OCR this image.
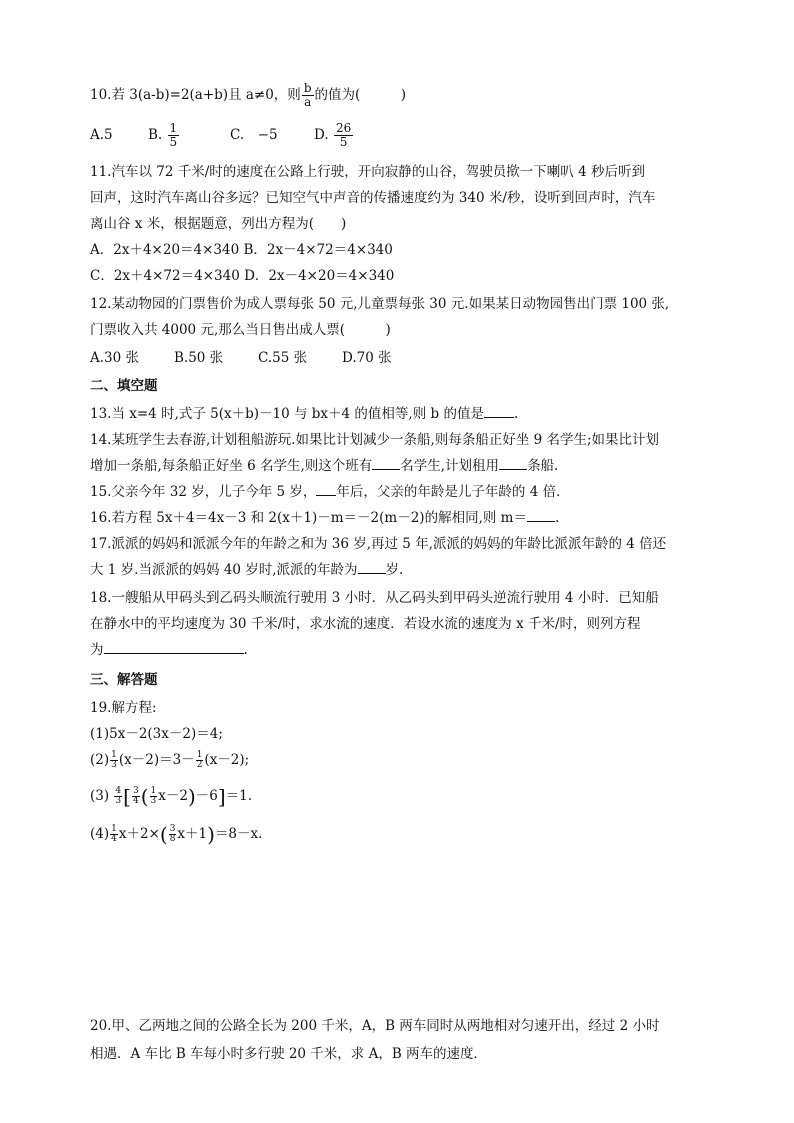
10.若 3(a-b)=2(a+b)且 a≠0，则 $\frac{b}{a}$ 的值为(　　　)
A.5	B. $\frac{1}{5}$	C.　−5	D. $\frac{26}{5}$
11.汽车以 72 千米/时的速度在公路上行驶，开向寂静的山谷，驾驶员揿一下喇叭 4 秒后听到
回声，这时汽车离山谷多远？已知空气中声音的传播速度约为 340 米/秒，设听到回声时，汽车
离山谷 x 米，根据题意，列出方程为(　　)
A．2x＋4×20＝4×340 B．2x－4×72＝4×340
C．2x＋4×72＝4×340 D．2x－4×20＝4×340
12.某动物园的门票售价为成人票每张 50 元,儿童票每张 30 元.如果某日动物园售出门票 100 张,
门票收入共 4000 元,那么当日售出成人票(　　　)
A.30 张	B.50 张	C.55 张	D.70 张
二、填空题
13.当 x=4 时,式子 5(x＋b)－10 与 bx＋4 的值相等,则 b 的值是 .
14.某班学生去春游,计划租船游玩.如果比计划减少一条船,则每条船正好坐 9 名学生;如果比计划
增加一条船,每条船正好坐 6 名学生,则这个班有 名学生,计划租用 条船.
15.父亲今年 32 岁，儿子今年 5 岁， 年后，父亲的年龄是儿子年龄的 4 倍．
16.若方程 5x＋4＝4x－3 和 2(x＋1)－m＝－2(m－2)的解相同,则 m＝ .
17.派派的妈妈和派派今年的年龄之和为 36 岁,再过 5 年,派派的妈妈的年龄比派派年龄的 4 倍还
大 1 岁.当派派的妈妈 40 岁时,派派的年龄为 岁.
18.一艘船从甲码头到乙码头顺流行驶用 3 小时．从乙码头到甲码头逆流行驶用 4 小时．已知船
在静水中的平均速度为 30 千米/时，求水流的速度．若设水流的速度为 x 千米/时，则列方程
为	.
三、解答题
19.解方程:
(1)5x－2(3x－2)＝4;
$(2) \frac{1}{3} (x-2)=3- \frac{1}{2} (x-2)$;
$(3) \frac{4}{3}$ [ $\frac{3}{4}$ ( $\frac{1}{3} x-2)-6]=1$.
$(4) \frac{1}{4} x+2\times( \frac{3}{8} x+1)=8-x$.
20.甲、乙两地之间的公路全长为 200 千米，A，B 两车同时从两地相对匀速开出，经过 2 小时
相遇．A 车比 B 车每小时多行驶 20 千米，求 A，B 两车的速度．
